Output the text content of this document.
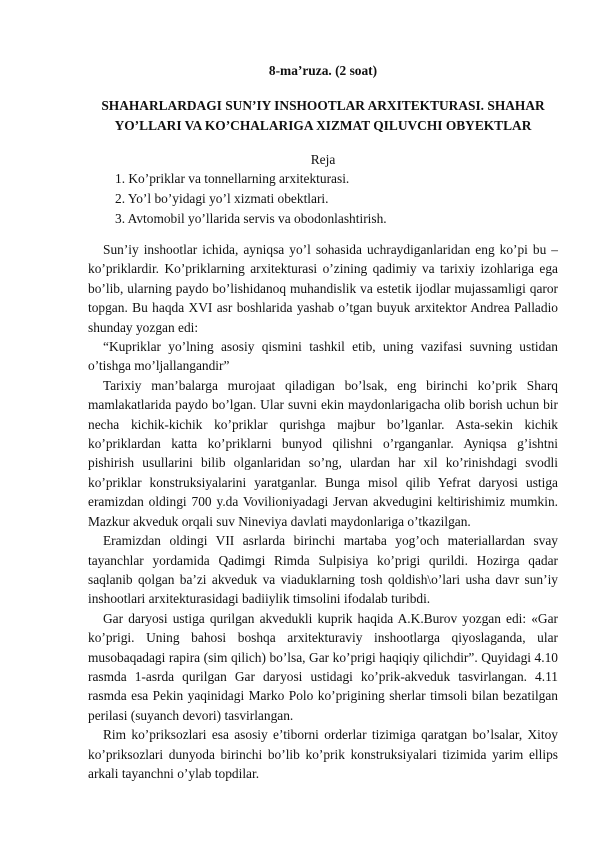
8-ma’ruza. (2 soat)
SHAHARLARDAGI SUN’IY INSHOOTLAR ARXITEKTURASI. SHAHAR YO’LLARI VA KO’CHALARIGA XIZMAT QILUVCHI OBYEKTLAR

Reja

1. Ko’priklar va tonnellarning arxitekturasi.
2. Yo’l bo’yidagi yo’l xizmati obektlari.
3. Avtomobil yo’llarida servis va obodonlashtirish.

Sun’iy inshootlar ichida, ayniqsa yo’l sohasida uchraydiganlaridan eng ko’pi bu – ko’priklardir. Ko’priklarning arxitekturasi o’zining qadimiy va tarixiy izohlariga ega bo’lib, ularning paydo bo’lishidanoq muhandislik va estetik ijodlar mujassamligi qaror topgan. Bu haqda XVI asr boshlarida yashab o’tgan buyuk arxitektor Andrea Palladio shunday yozgan edi:

“Kupriklar yo’lning asosiy qismini tashkil etib, uning vazifasi suvning ustidan o’tishga mo’ljallangandir”

Tarixiy man’balarga murojaat qiladigan bo’lsak, eng birinchi ko’prik Sharq mamlakatlarida paydo bo’lgan. Ular suvni ekin maydonlarigacha olib borish uchun bir necha kichik-kichik ko’priklar qurishga majbur bo’lganlar. Asta-sekin kichik ko’priklardan katta ko’priklarni bunyod qilishni o’rganganlar. Ayniqsa g’ishtni pishirish usullarini bilib olganlaridan so’ng, ulardan har xil ko’rinishdagi svodli ko’priklar konstruksiyalarini yaratganlar. Bunga misol qilib Yefrat daryosi ustiga eramizdan oldingi 700 y.da Vovilioniyadagi Jervan akvedugini keltirishimiz mumkin. Mazkur akveduk orqali suv Nineviya davlati maydonlariga o’tkazilgan.

Eramizdan oldingi VII asrlarda birinchi martaba yog’och materiallardan svay tayanchlar yordamida Qadimgi Rimda Sulpisiya ko’prigi qurildi. Hozirga qadar saqlanib qolgan ba’zi akveduk va viaduklarning tosh qoldish\o’lari usha davr sun’iy inshootlari arxitekturasidagi badiiylik timsolini ifodalab turibdi.

Gar daryosi ustiga qurilgan akvedukli kuprik haqida A.K.Burov yozgan edi: «Gar ko’prigi. Uning bahosi boshqa arxitekturaviy inshootlarga qiyoslaganda, ular musobaqadagi rapira (sim qilich) bo’lsa, Gar ko’prigi haqiqiy qilichdir”. Quyidagi 4.10 rasmda 1-asrda qurilgan Gar daryosi ustidagi ko’prik-akveduk tasvirlangan. 4.11 rasmda esa Pekin yaqinidagi Marko Polo ko’prigining sherlar timsoli bilan bezatilgan perilasi (suyanch devori) tasvirlangan.

Rim ko’priksozlari esa asosiy e’tiborni orderlar tizimiga qaratgan bo’lsalar, Xitoy ko’priksozlari dunyoda birinchi bo’lib ko’prik konstruksiyalari tizimida yarim ellips arkali tayanchni o’ylab topdilar.
